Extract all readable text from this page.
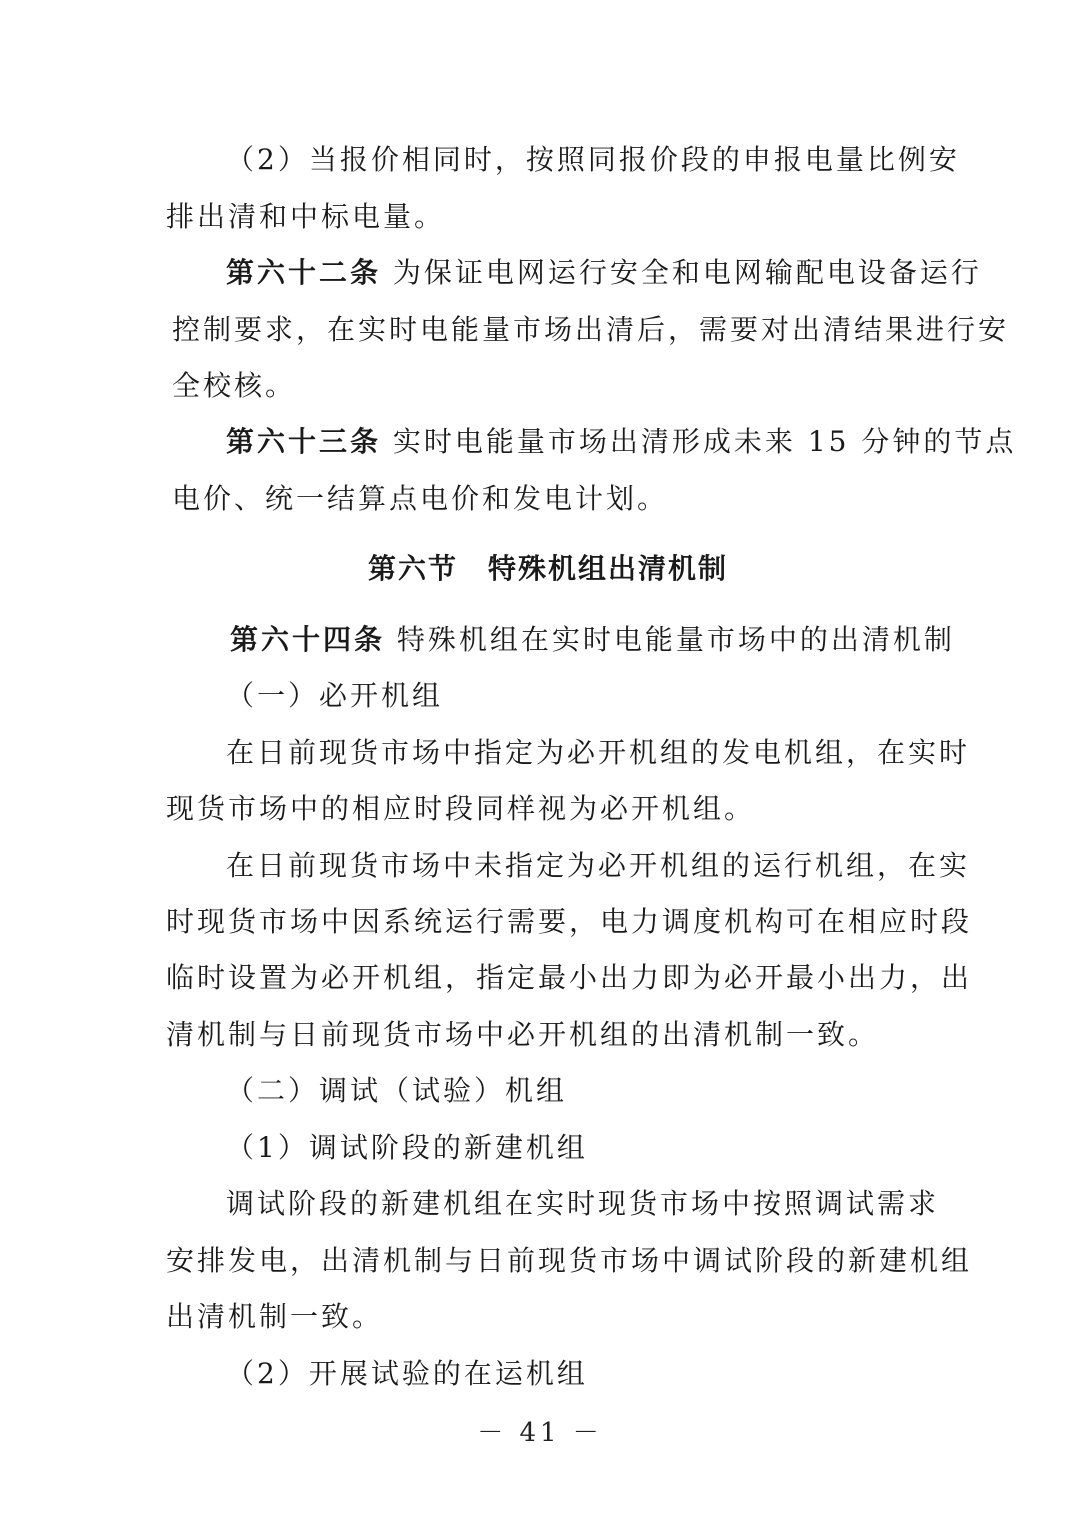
（2）当报价相同时，按照同报价段的申报电量比例安
排出清和中标电量。
第六十二条 为保证电网运行安全和电网输配电设备运行
控制要求，在实时电能量市场出清后，需要对出清结果进行安
全校核。
第六十三条 实时电能量市场出清形成未来 15 分钟的节点
电价、统一结算点电价和发电计划。
第六节　特殊机组出清机制
第六十四条 特殊机组在实时电能量市场中的出清机制
（一）必开机组
在日前现货市场中指定为必开机组的发电机组，在实时
现货市场中的相应时段同样视为必开机组。
在日前现货市场中未指定为必开机组的运行机组，在实
时现货市场中因系统运行需要，电力调度机构可在相应时段
临时设置为必开机组，指定最小出力即为必开最小出力，出
清机制与日前现货市场中必开机组的出清机制一致。
（二）调试（试验）机组
（1）调试阶段的新建机组
调试阶段的新建机组在实时现货市场中按照调试需求
安排发电，出清机制与日前现货市场中调试阶段的新建机组
出清机制一致。
（2）开展试验的在运机组
－ 41 －
